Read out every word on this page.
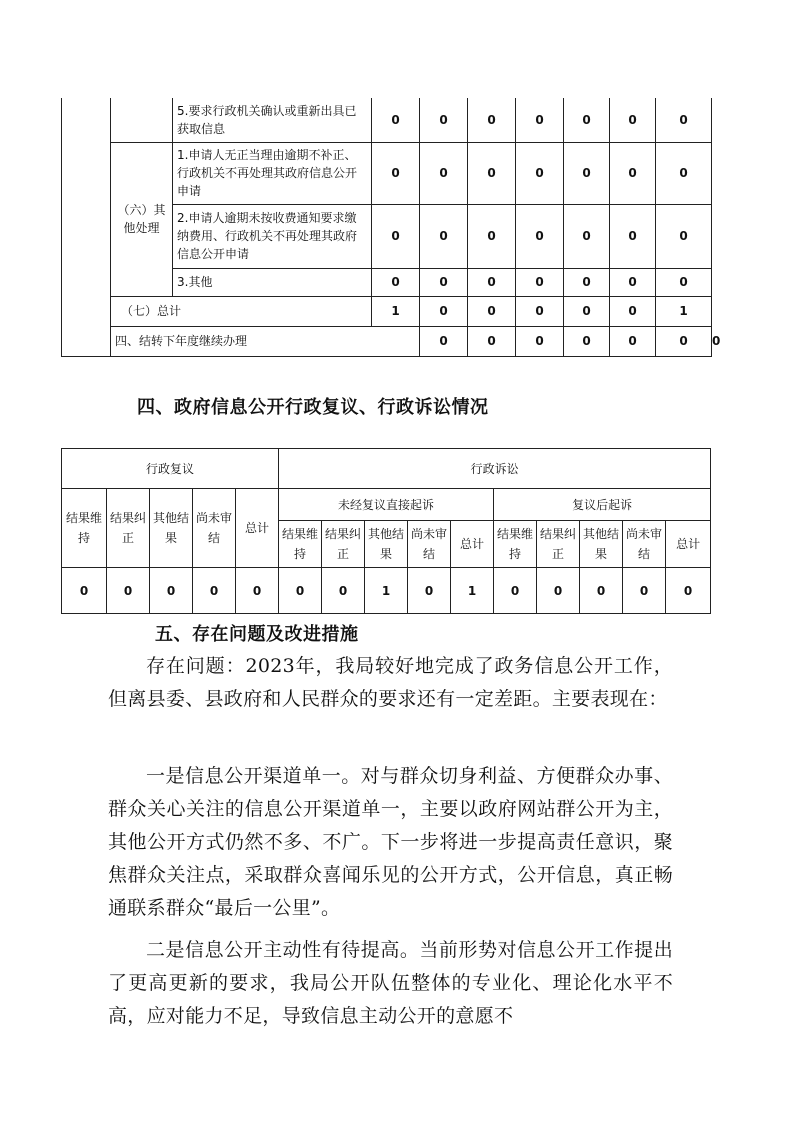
		5.要求行政机关确认或重新出具已获取信息	0	0	0	0	0	0	0	
	（六）其他处理	1.申请人无正当理由逾期不补正、行政机关不再处理其政府信息公开申请	0	0	0	0	0	0	0	
		2.申请人逾期未按收费通知要求缴纳费用、行政机关不再处理其政府信息公开申请	0	0	0	0	0	0	0	
		3.其他	0	0	0	0	0	0	0	
	（七）总计		1	0	0	0	0	0	1	
	四、结转下年度继续办理			0	0	0	0	0	0	0
四、政府信息公开行政复议、行政诉讼情况
行政复议					行政诉讼									
结果维持	结果纠正	其他结果	尚未审结	总计	未经复议直接起诉					复议后起诉				
					结果维持	结果纠正	其他结果	尚未审结	总计	结果维持	结果纠正	其他结果	尚未审结	总计
0	0	0	0	0	0	0	1	0	1	0	0	0	0	0
五、存在问题及改进措施
存在问题：2023年，我局较好地完成了政务信息公开工作，但离县委、县政府和人民群众的要求还有一定差距。主要表现在：
一是信息公开渠道单一。对与群众切身利益、方便群众办事、群众关心关注的信息公开渠道单一，主要以政府网站群公开为主，其他公开方式仍然不多、不广。下一步将进一步提高责任意识，聚焦群众关注点，采取群众喜闻乐见的公开方式，公开信息，真正畅通联系群众“最后一公里”。
二是信息公开主动性有待提高。当前形势对信息公开工作提出了更高更新的要求，我局公开队伍整体的专业化、理论化水平不高，应对能力不足，导致信息主动公开的意愿不
